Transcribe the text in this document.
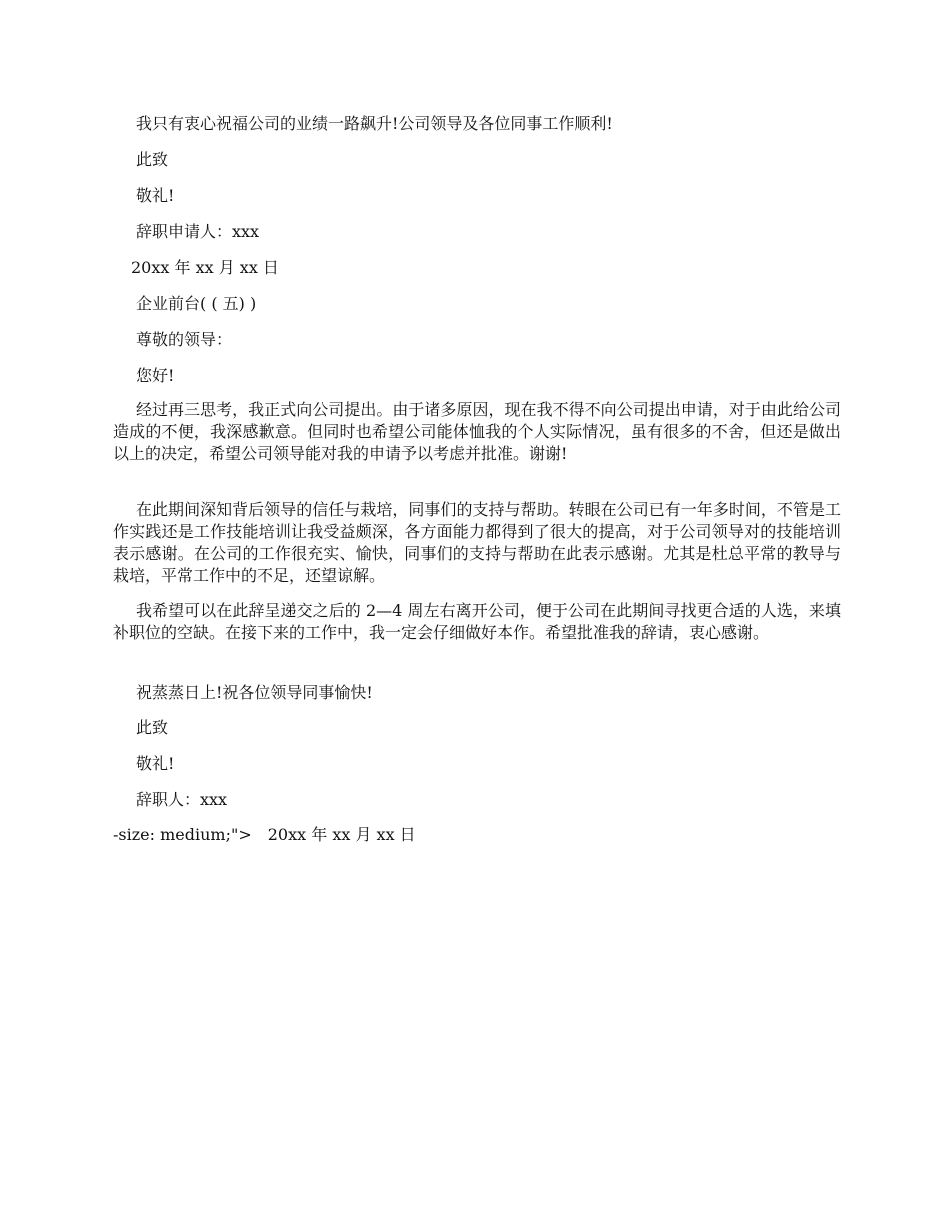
我只有衷心祝福公司的业绩一路飙升!公司领导及各位同事工作顺利!
此致
敬礼!
辞职申请人：xxx
20xx 年 xx 月 xx 日
企业前台( ( 五) )
尊敬的领导：
您好!
经过再三思考，我正式向公司提出。由于诸多原因，现在我不得不向公司提出申请，对于由此给公司造成的不便，我深感歉意。但同时也希望公司能体恤我的个人实际情况，虽有很多的不舍，但还是做出以上的决定，希望公司领导能对我的申请予以考虑并批准。谢谢!
在此期间深知背后领导的信任与栽培，同事们的支持与帮助。转眼在公司已有一年多时间，不管是工作实践还是工作技能培训让我受益颇深，各方面能力都得到了很大的提高，对于公司领导对的技能培训表示感谢。在公司的工作很充实、愉快，同事们的支持与帮助在此表示感谢。尤其是杜总平常的教导与栽培，平常工作中的不足，还望谅解。
我希望可以在此辞呈递交之后的 2—4 周左右离开公司，便于公司在此期间寻找更合适的人选，来填补职位的空缺。在接下来的工作中，我一定会仔细做好本作。希望批准我的辞请，衷心感谢。
祝蒸蒸日上!祝各位领导同事愉快!
此致
敬礼!
辞职人：xxx
-size: medium;">　20xx 年 xx 月 xx 日
